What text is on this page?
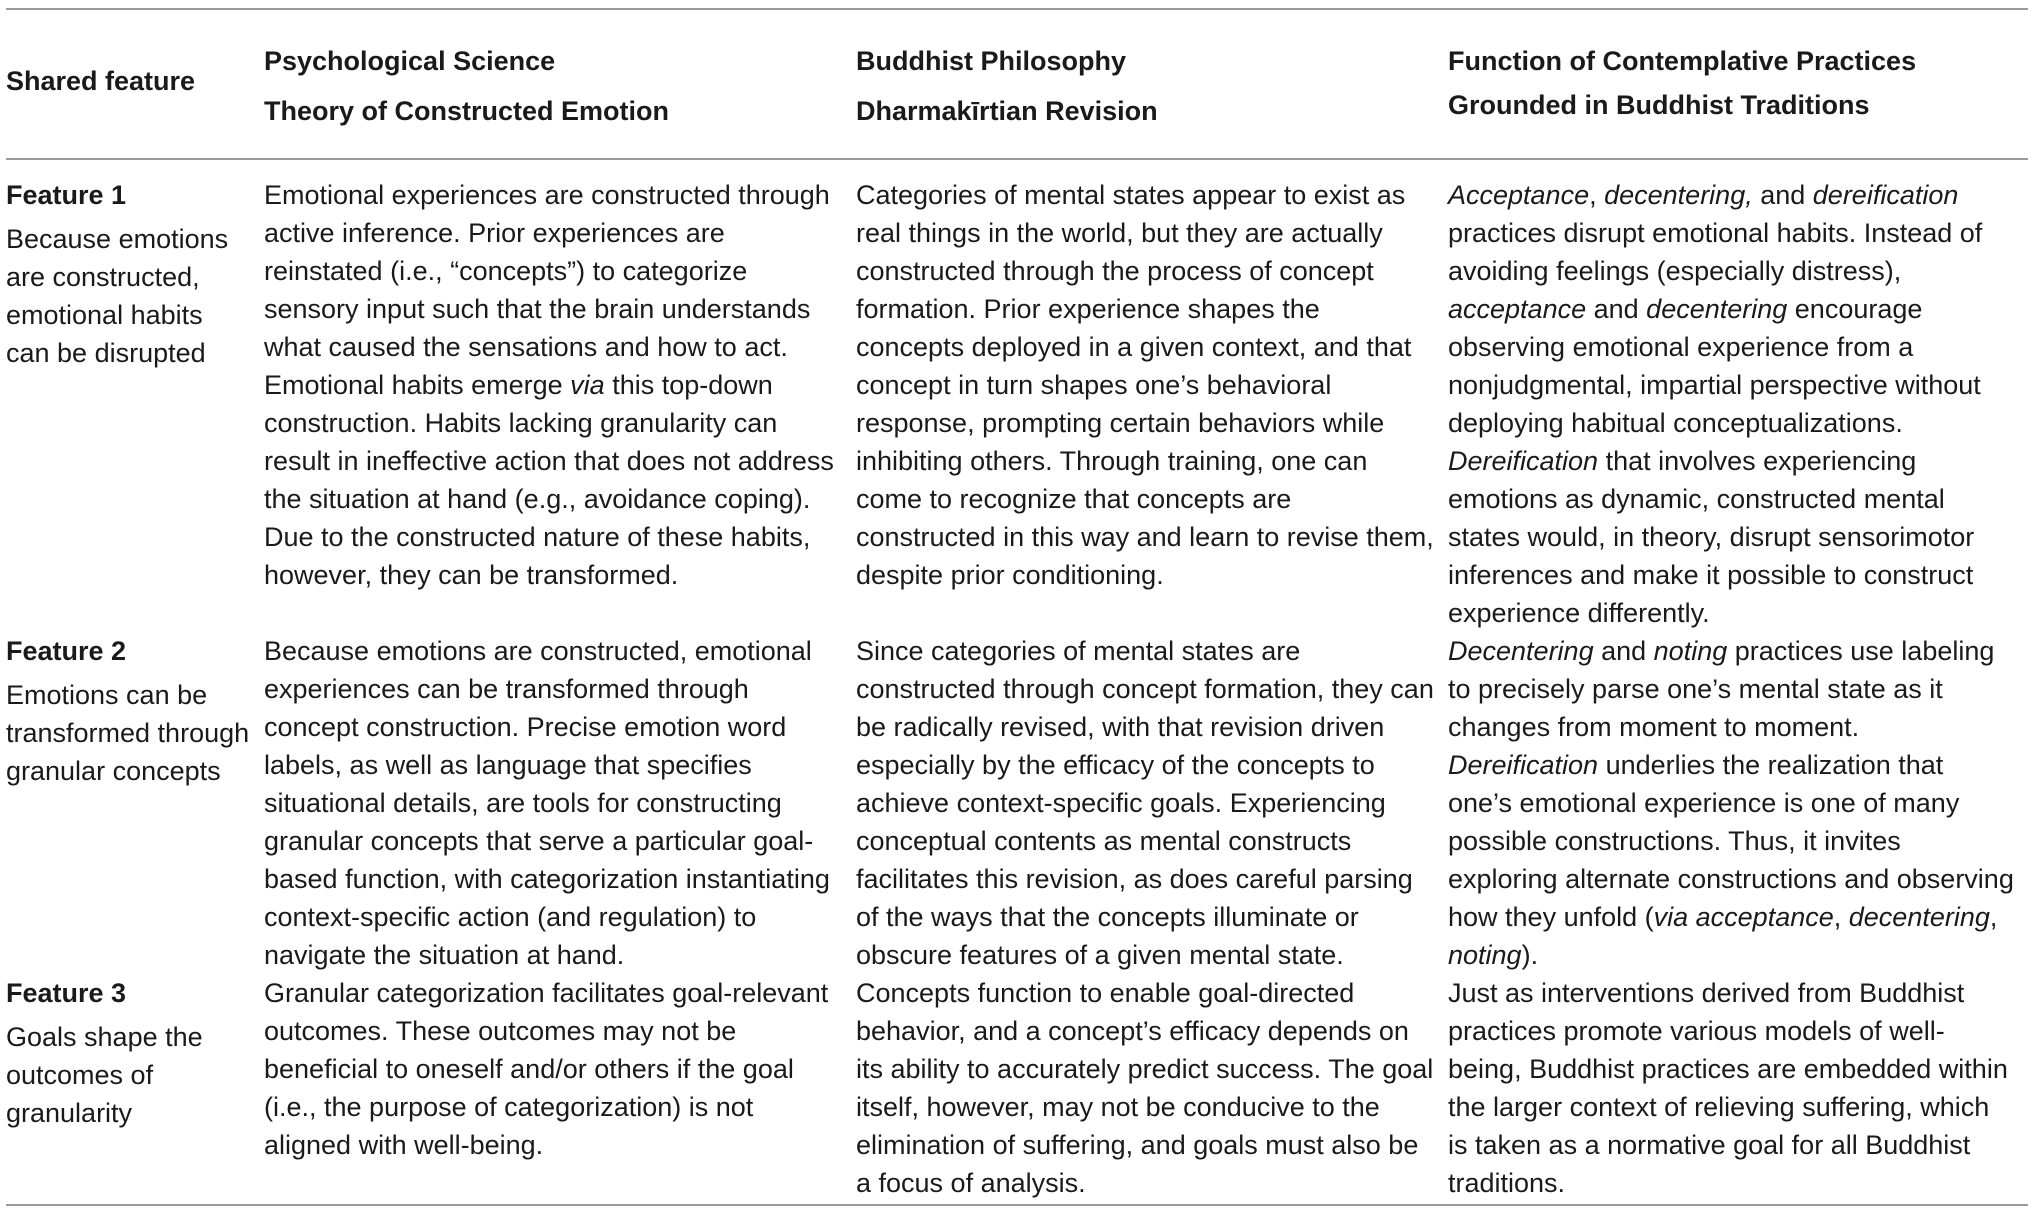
Shared feature
Psychological Science
Theory of Constructed Emotion
Buddhist Philosophy
Dharmakīrtian Revision
Function of Contemplative Practices
Grounded in Buddhist Traditions
Feature 1
Because emotions are constructed, emotional habits can be disrupted

Emotional experiences are constructed through active inference. Prior experiences are reinstated (i.e., “concepts”) to categorize sensory input such that the brain understands what caused the sensations and how to act. Emotional habits emerge via this top-down construction. Habits lacking granularity can result in ineffective action that does not address the situation at hand (e.g., avoidance coping). Due to the constructed nature of these habits, however, they can be transformed.

Categories of mental states appear to exist as real things in the world, but they are actually constructed through the process of concept formation. Prior experience shapes the concepts deployed in a given context, and that concept in turn shapes one’s behavioral response, prompting certain behaviors while inhibiting others. Through training, one can come to recognize that concepts are constructed in this way and learn to revise them, despite prior conditioning.

Acceptance, decentering, and dereification practices disrupt emotional habits. Instead of avoiding feelings (especially distress), acceptance and decentering encourage observing emotional experience from a nonjudgmental, impartial perspective without deploying habitual conceptualizations. Dereification that involves experiencing emotions as dynamic, constructed mental states would, in theory, disrupt sensorimotor inferences and make it possible to construct experience differently.

Feature 2
Emotions can be transformed through granular concepts

Because emotions are constructed, emotional experiences can be transformed through concept construction. Precise emotion word labels, as well as language that specifies situational details, are tools for constructing granular concepts that serve a particular goal-based function, with categorization instantiating context-specific action (and regulation) to navigate the situation at hand.

Since categories of mental states are constructed through concept formation, they can be radically revised, with that revision driven especially by the efficacy of the concepts to achieve context-specific goals. Experiencing conceptual contents as mental constructs facilitates this revision, as does careful parsing of the ways that the concepts illuminate or obscure features of a given mental state.

Decentering and noting practices use labeling to precisely parse one’s mental state as it changes from moment to moment. Dereification underlies the realization that one’s emotional experience is one of many possible constructions. Thus, it invites exploring alternate constructions and observing how they unfold (via acceptance, decentering, noting).

Feature 3
Goals shape the outcomes of granularity

Granular categorization facilitates goal-relevant outcomes. These outcomes may not be beneficial to oneself and/or others if the goal (i.e., the purpose of categorization) is not aligned with well-being.

Concepts function to enable goal-directed behavior, and a concept’s efficacy depends on its ability to accurately predict success. The goal itself, however, may not be conducive to the elimination of suffering, and goals must also be a focus of analysis.

Just as interventions derived from Buddhist practices promote various models of well-being, Buddhist practices are embedded within the larger context of relieving suffering, which is taken as a normative goal for all Buddhist traditions.
